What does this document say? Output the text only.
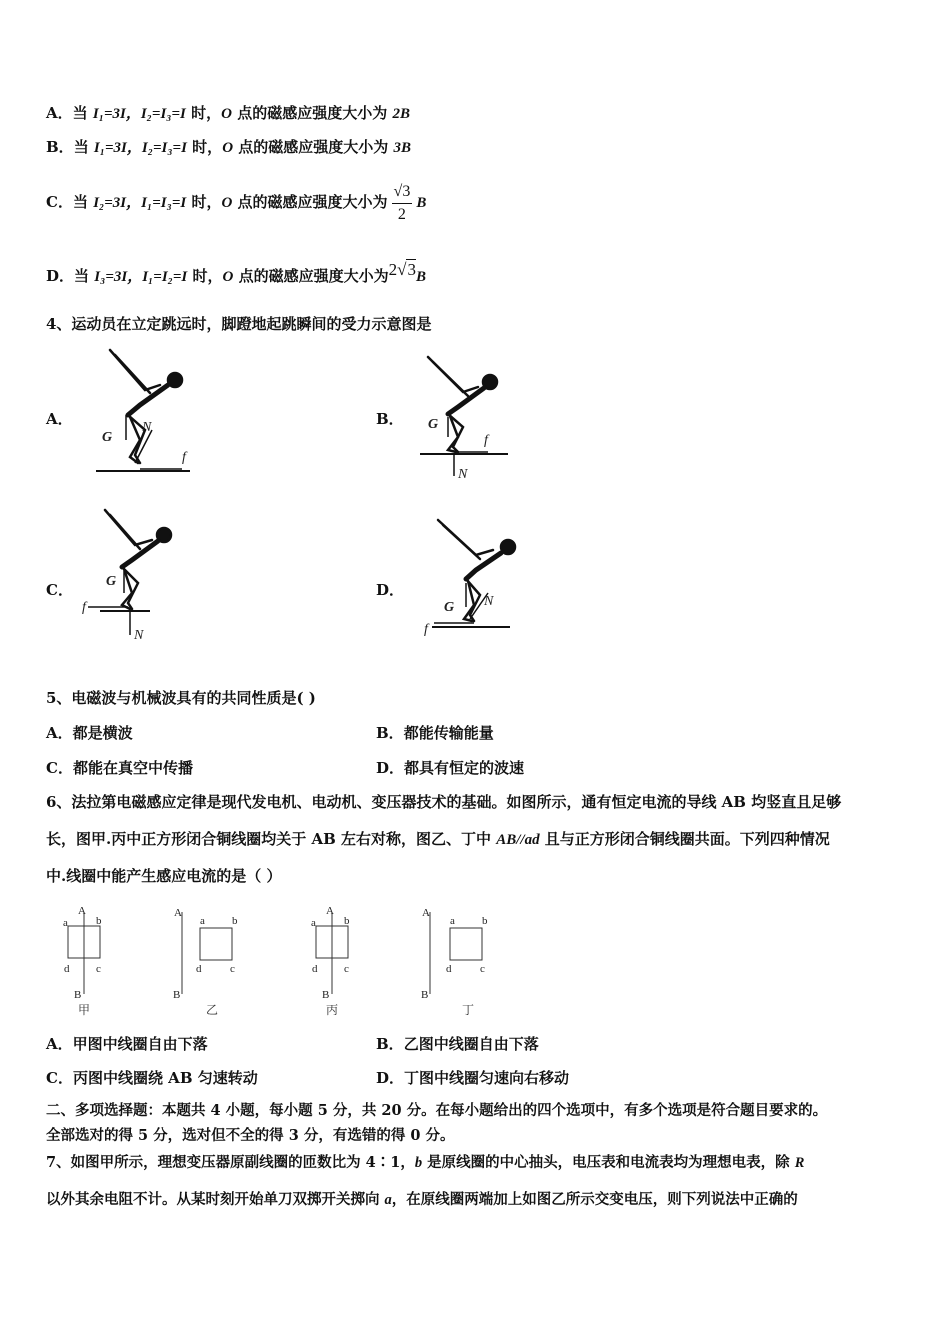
A．当 I₁=3I，I₂=I₃=I 时，O 点的磁感应强度大小为 2B
B．当 I₁=3I，I₂=I₃=I 时，O 点的磁感应强度大小为 3B
C．当 I₂=3I，I₁=I₃=I 时，O 点的磁感应强度大小为 $\frac{√3}{2}$ B
D．当 I₃=3I，I₁=I₂=I 时，O 点的磁感应强度大小为2√3B
4、运动员在立定跳远时，脚蹬地起跳瞬间的受力示意图是
A．	B．
C．	D．
G
N
f
G
f
N
G
f
N
G N
f
5、电磁波与机械波具有的共同性质是( )
A．都是横波	B．都能传输能量
C．都能在真空中传播	D．都具有恒定的波速
6、法拉第电磁感应定律是现代发电机、电动机、变压器技术的基础。如图所示，通有恒定电流的导线 AB 均竖直且足够
长，图甲.丙中正方形闭合铜线圈均关于 AB 左右对称，图乙、丁中 AB//ad 且与正方形闭合铜线圈共面。下列四种情况
中.线圈中能产生感应电流的是（ ）
A
a	b
d c
B
甲
A
a b
d	c
B
乙
A
a	b
d c
B
丙
A
a b
d	c
B
丁
A．甲图中线圈自由下落	B．乙图中线圈自由下落
C．丙图中线圈绕 AB 匀速转动	D．丁图中线圈匀速向右移动
二、多项选择题：本题共 4 小题，每小题 5 分，共 20 分。在每小题给出的四个选项中，有多个选项是符合题目要求的。
全部选对的得 5 分，选对但不全的得 3 分，有选错的得 0 分。
7、如图甲所示，理想变压器原副线圈的匝数比为 4∶1，b 是原线圈的中心抽头，电压表和电流表均为理想电表，除 R
以外其余电阻不计。从某时刻开始单刀双掷开关掷向 a，在原线圈两端加上如图乙所示交变电压，则下列说法中正确的
